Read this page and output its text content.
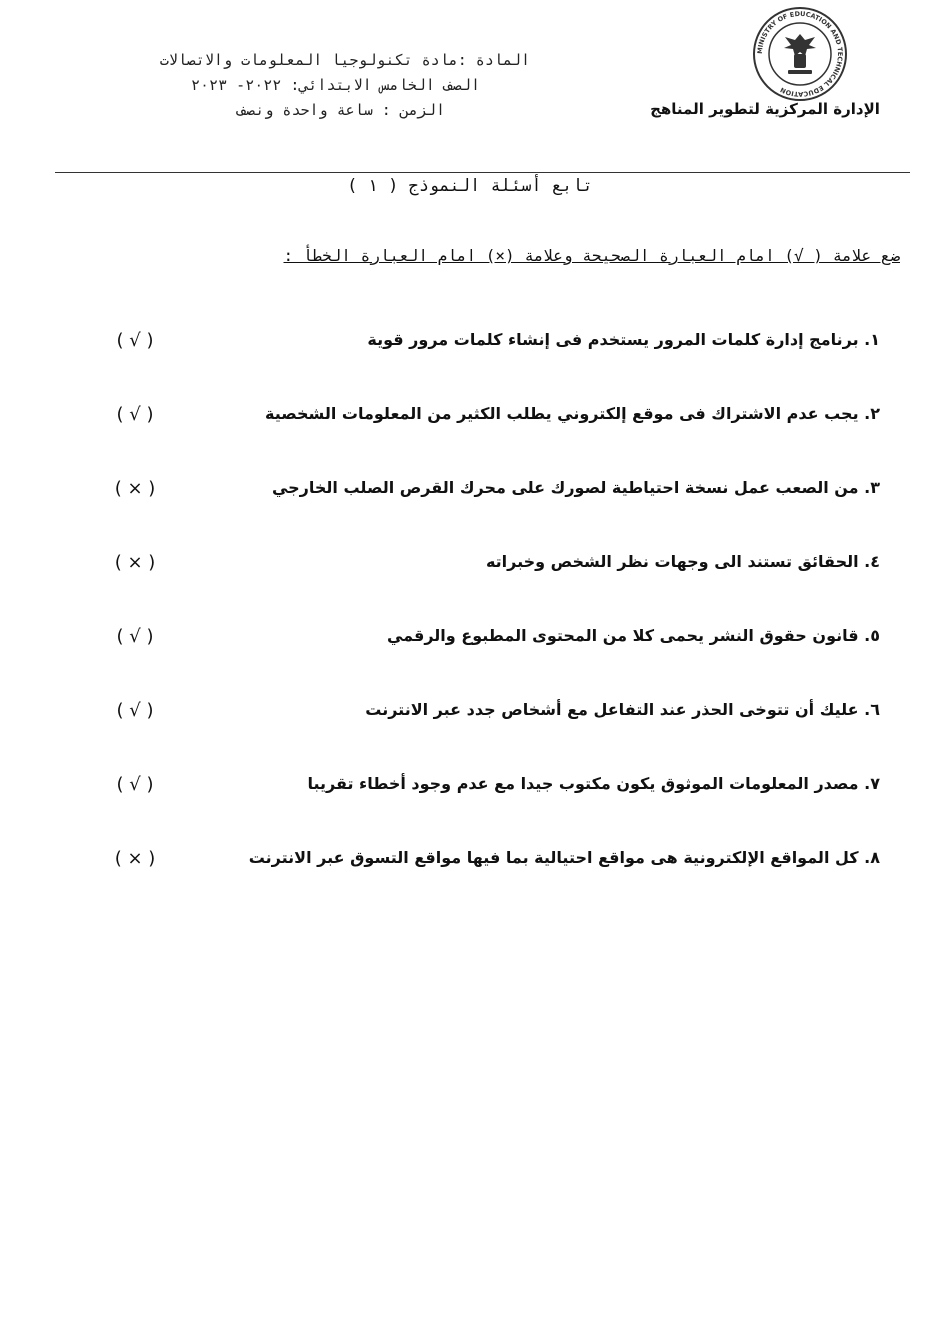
المادة :مادة تكنولوجيا المعلومات والاتصالات
الصف الخامس الابتدائي: ٢٠٢٢- ٢٠٢٣
الزمن : ساعة واحدة ونصف
MINISTRY OF EDUCATION AND TECHNICAL EDUCATION
الإدارة المركزية لتطوير المناهج
تابع أسئلة النموذج ( ١ )
ضع علامة ( √) امام العبارة الصحيحة وعلامة (×) امام العبارة الخطأ :
١. برنامج إدارة كلمات المرور يستخدم فى إنشاء كلمات مرور قوية
( √ )
٢. يجب عدم الاشتراك فى موقع إلكتروني يطلب الكثير من المعلومات الشخصية
( √ )
٣. من الصعب عمل نسخة احتياطية لصورك على محرك القرص الصلب الخارجي
( × )
٤. الحقائق تستند الى وجهات نظر الشخص وخبراته
( × )
٥. قانون حقوق النشر يحمى كلا من المحتوى المطبوع والرقمي
( √ )
٦. عليك أن تتوخى الحذر عند التفاعل مع أشخاص جدد عبر الانترنت
( √ )
٧. مصدر المعلومات الموثوق يكون مكتوب جيدا مع عدم وجود أخطاء تقريبا
( √ )
٨. كل المواقع الإلكترونية هى مواقع احتيالية بما فيها مواقع التسوق عبر الانترنت
( × )
